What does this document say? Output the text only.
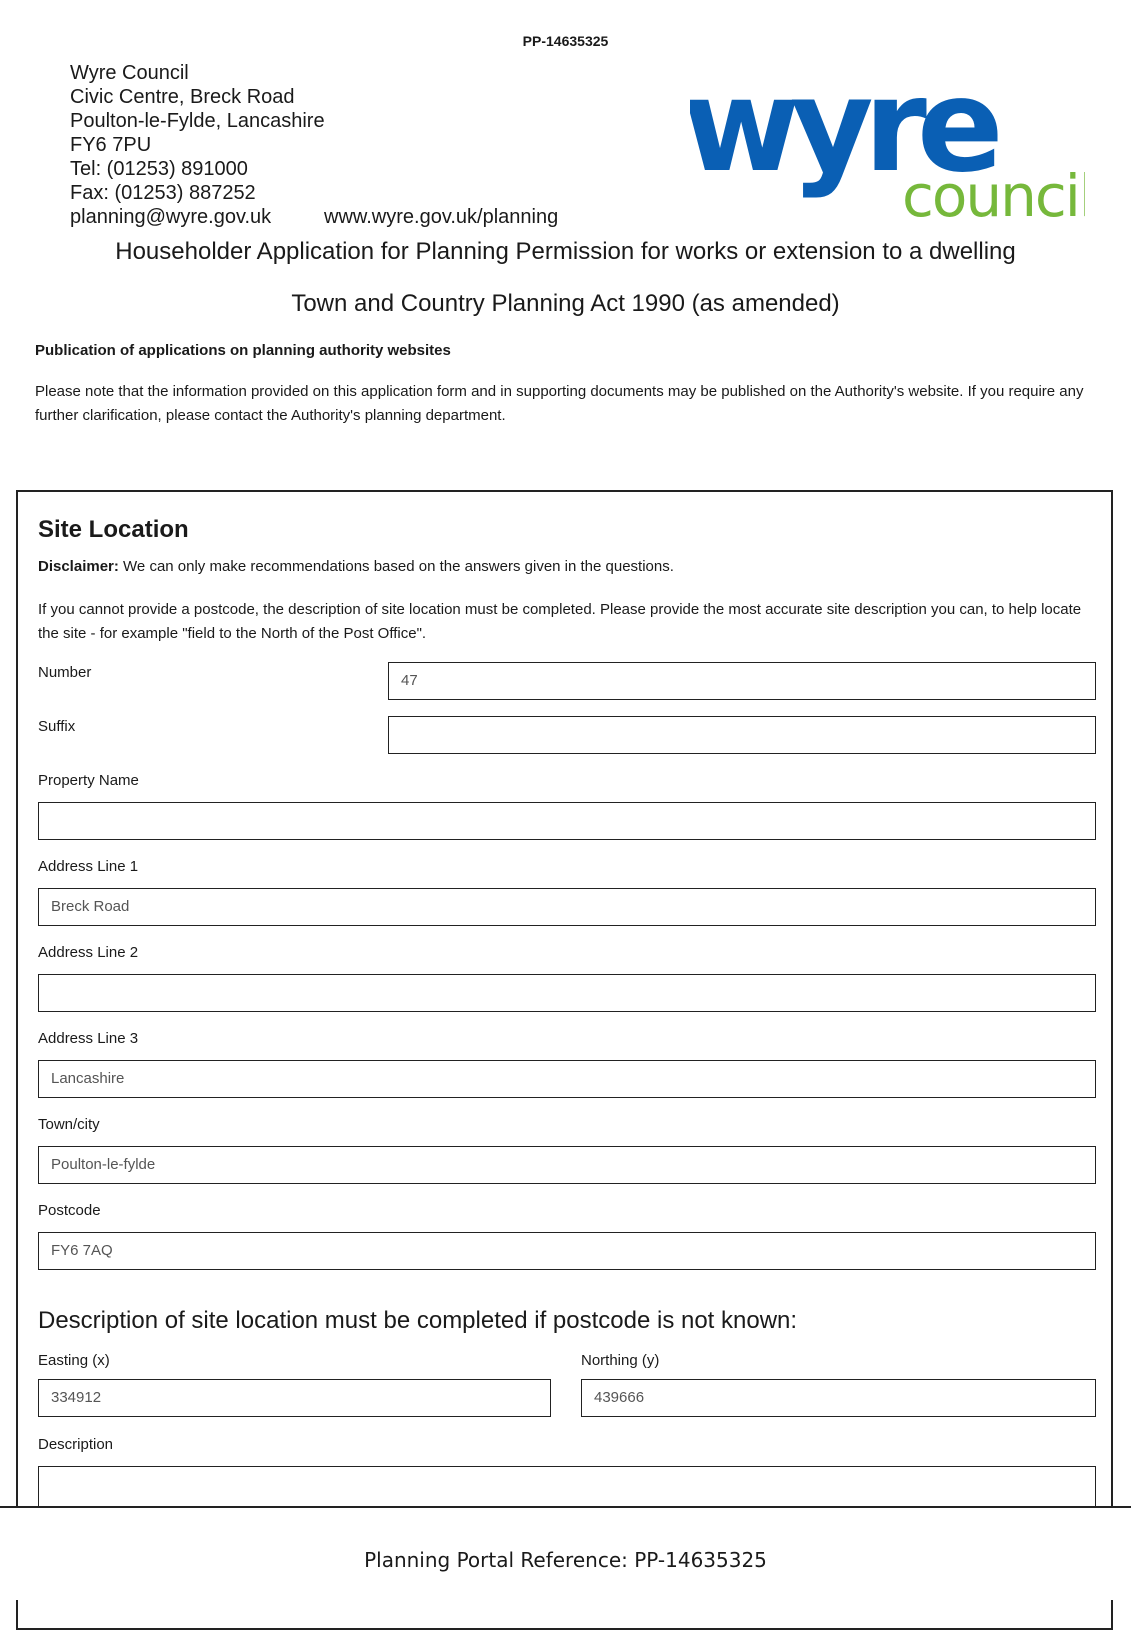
PP-14635325
Wyre Council
Civic Centre, Breck Road
Poulton-le-Fylde, Lancashire
FY6 7PU
Tel: (01253) 891000
Fax: (01253) 887252
planning@wyre.gov.uk	www.wyre.gov.uk/planning
wyre
council
Householder Application for Planning Permission for works or extension to a dwelling
Town and Country Planning Act 1990 (as amended)
Publication of applications on planning authority websites
Please note that the information provided on this application form and in supporting documents may be published on the Authority's website. If you require any further clarification, please contact the Authority's planning department.
Site Location
Disclaimer: We can only make recommendations based on the answers given in the questions.
If you cannot provide a postcode, the description of site location must be completed. Please provide the most accurate site description you can, to help locate the site - for example "field to the North of the Post Office".
Number	47
Suffix
Property Name
Address Line 1
Breck Road
Address Line 2
Address Line 3
Lancashire
Town/city
Poulton-le-fylde
Postcode
FY6 7AQ
Description of site location must be completed if postcode is not known:
Easting (x)
334912
Northing (y)
439666
Description
Planning Portal Reference: PP-14635325
